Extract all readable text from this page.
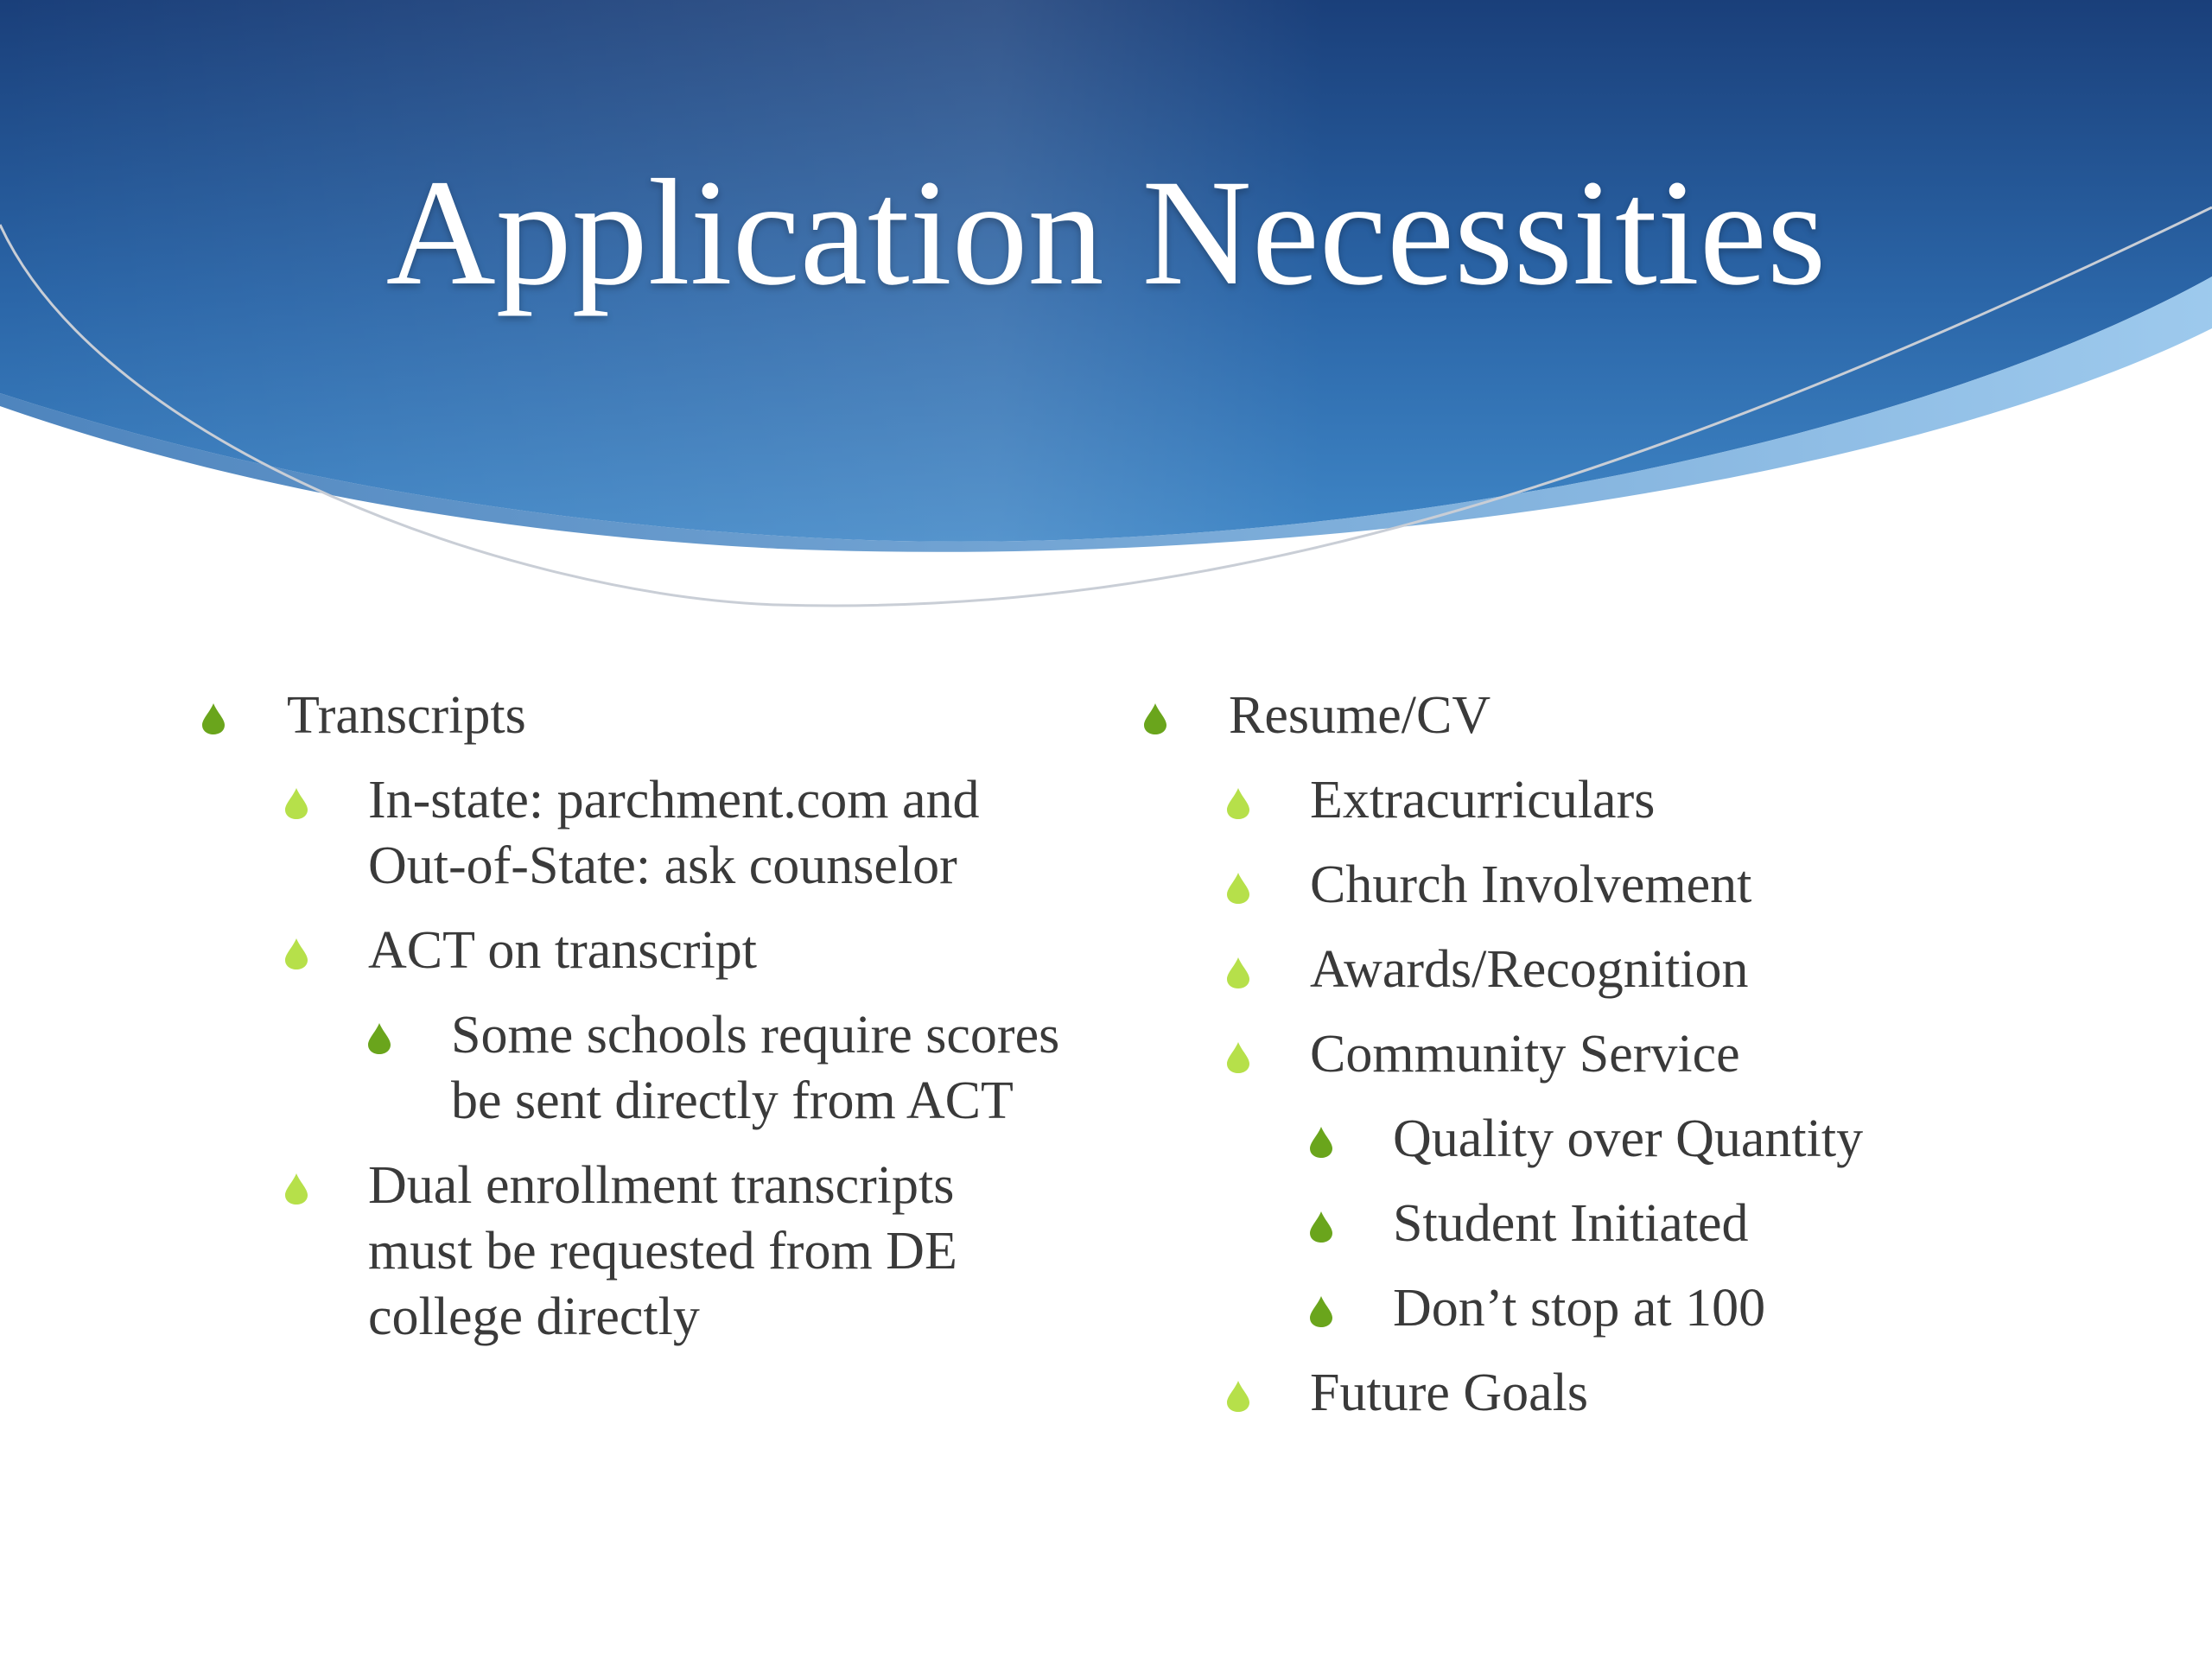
Application Necessities
Transcripts
In-state: parchment.com and Out-of-State: ask counselor
ACT on transcript
Some schools require scores be sent directly from ACT
Dual enrollment transcripts must be requested from DE college directly
Resume/CV
Extracurriculars
Church Involvement
Awards/Recognition
Community Service
Quality over Quantity
Student Initiated
Don’t stop at 100
Future Goals
